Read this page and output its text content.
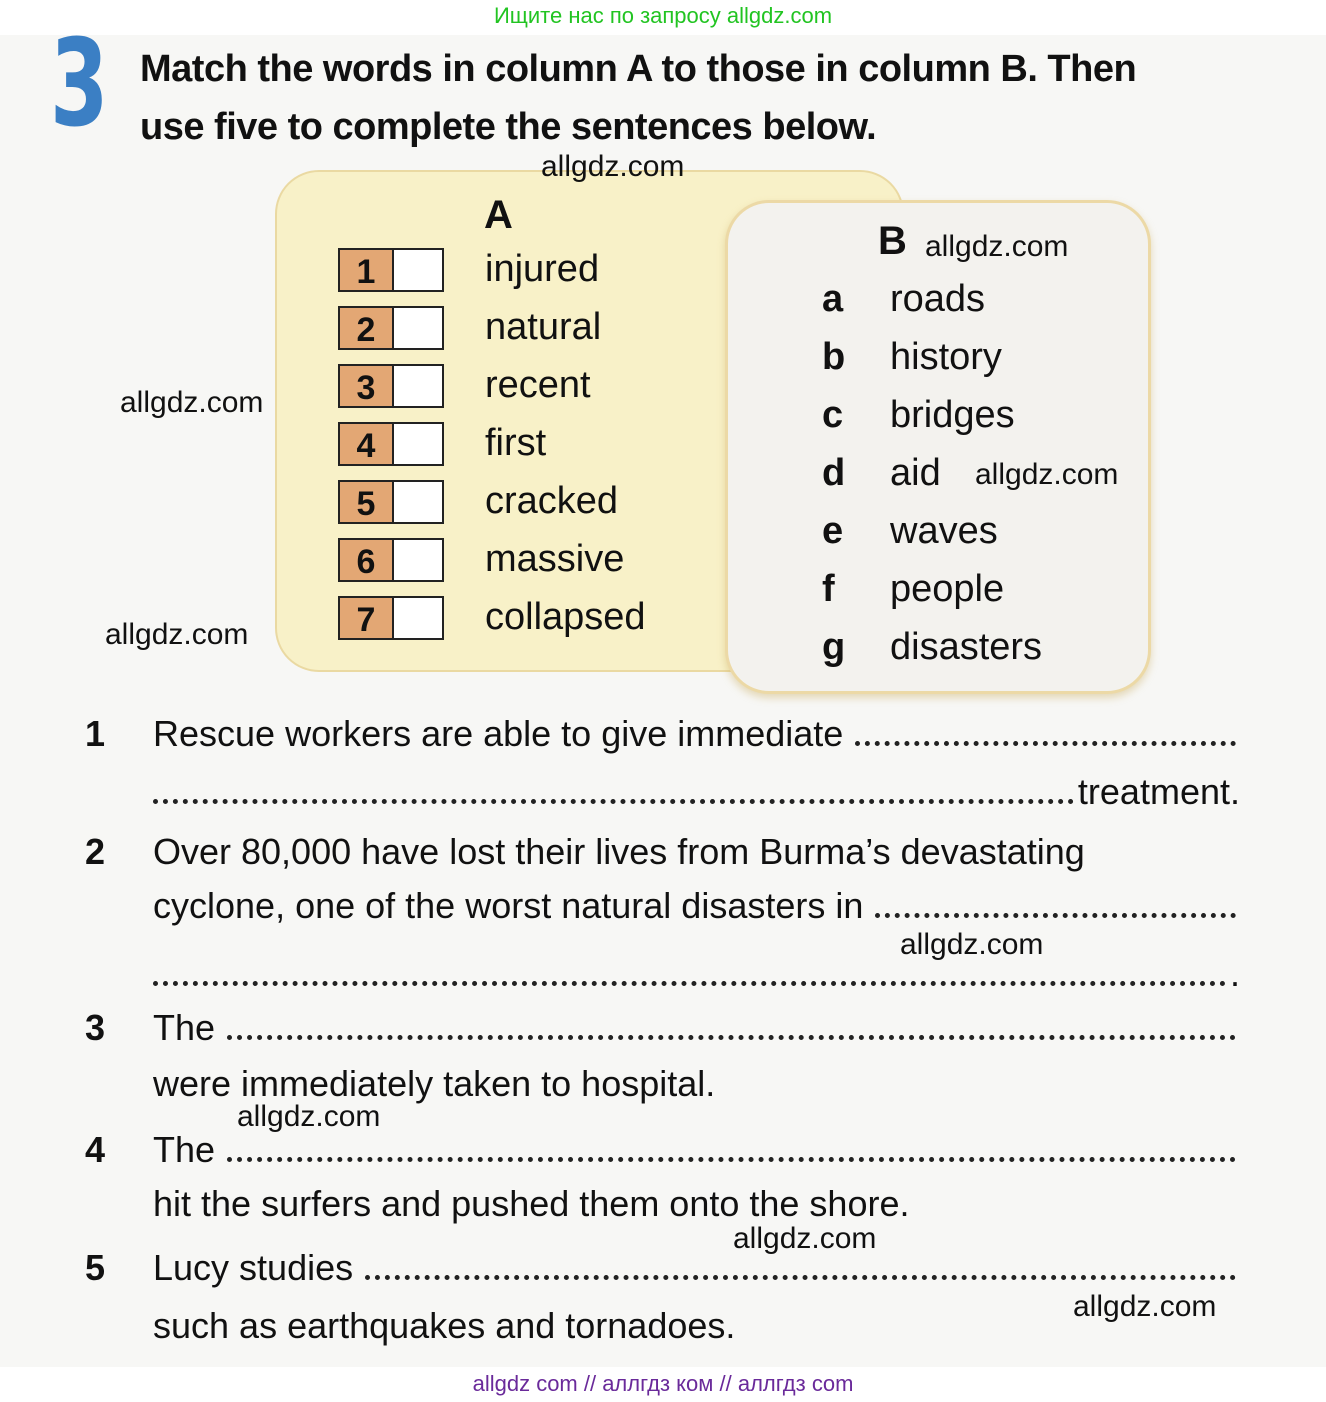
Ищите нас по запросу allgdz.com
3 Match the words in column A to those in column B. Then
use five to complete the sentences below.
A
1	injured
2	natural
3	recent
4	first
5	cracked
6	massive
7	collapsed
B
a roads
b history
c bridges
d aid
e waves
f people
g disasters
1	Rescue workers are able to give immediate
treatment.
2	Over 80,000 have lost their lives from Burma’s devastating
cyclone, one of the worst natural disasters in
.
3	The
were immediately taken to hospital.
4	The
hit the surfers and pushed them onto the shore.
5	Lucy studies
such as earthquakes and tornadoes.
allgdz.com
allgdz.com
allgdz.com
allgdz.com
allgdz.com
allgdz.com
allgdz.com
allgdz.com
allgdz.com
allgdz com // аллгдз ком // аллгдз com
